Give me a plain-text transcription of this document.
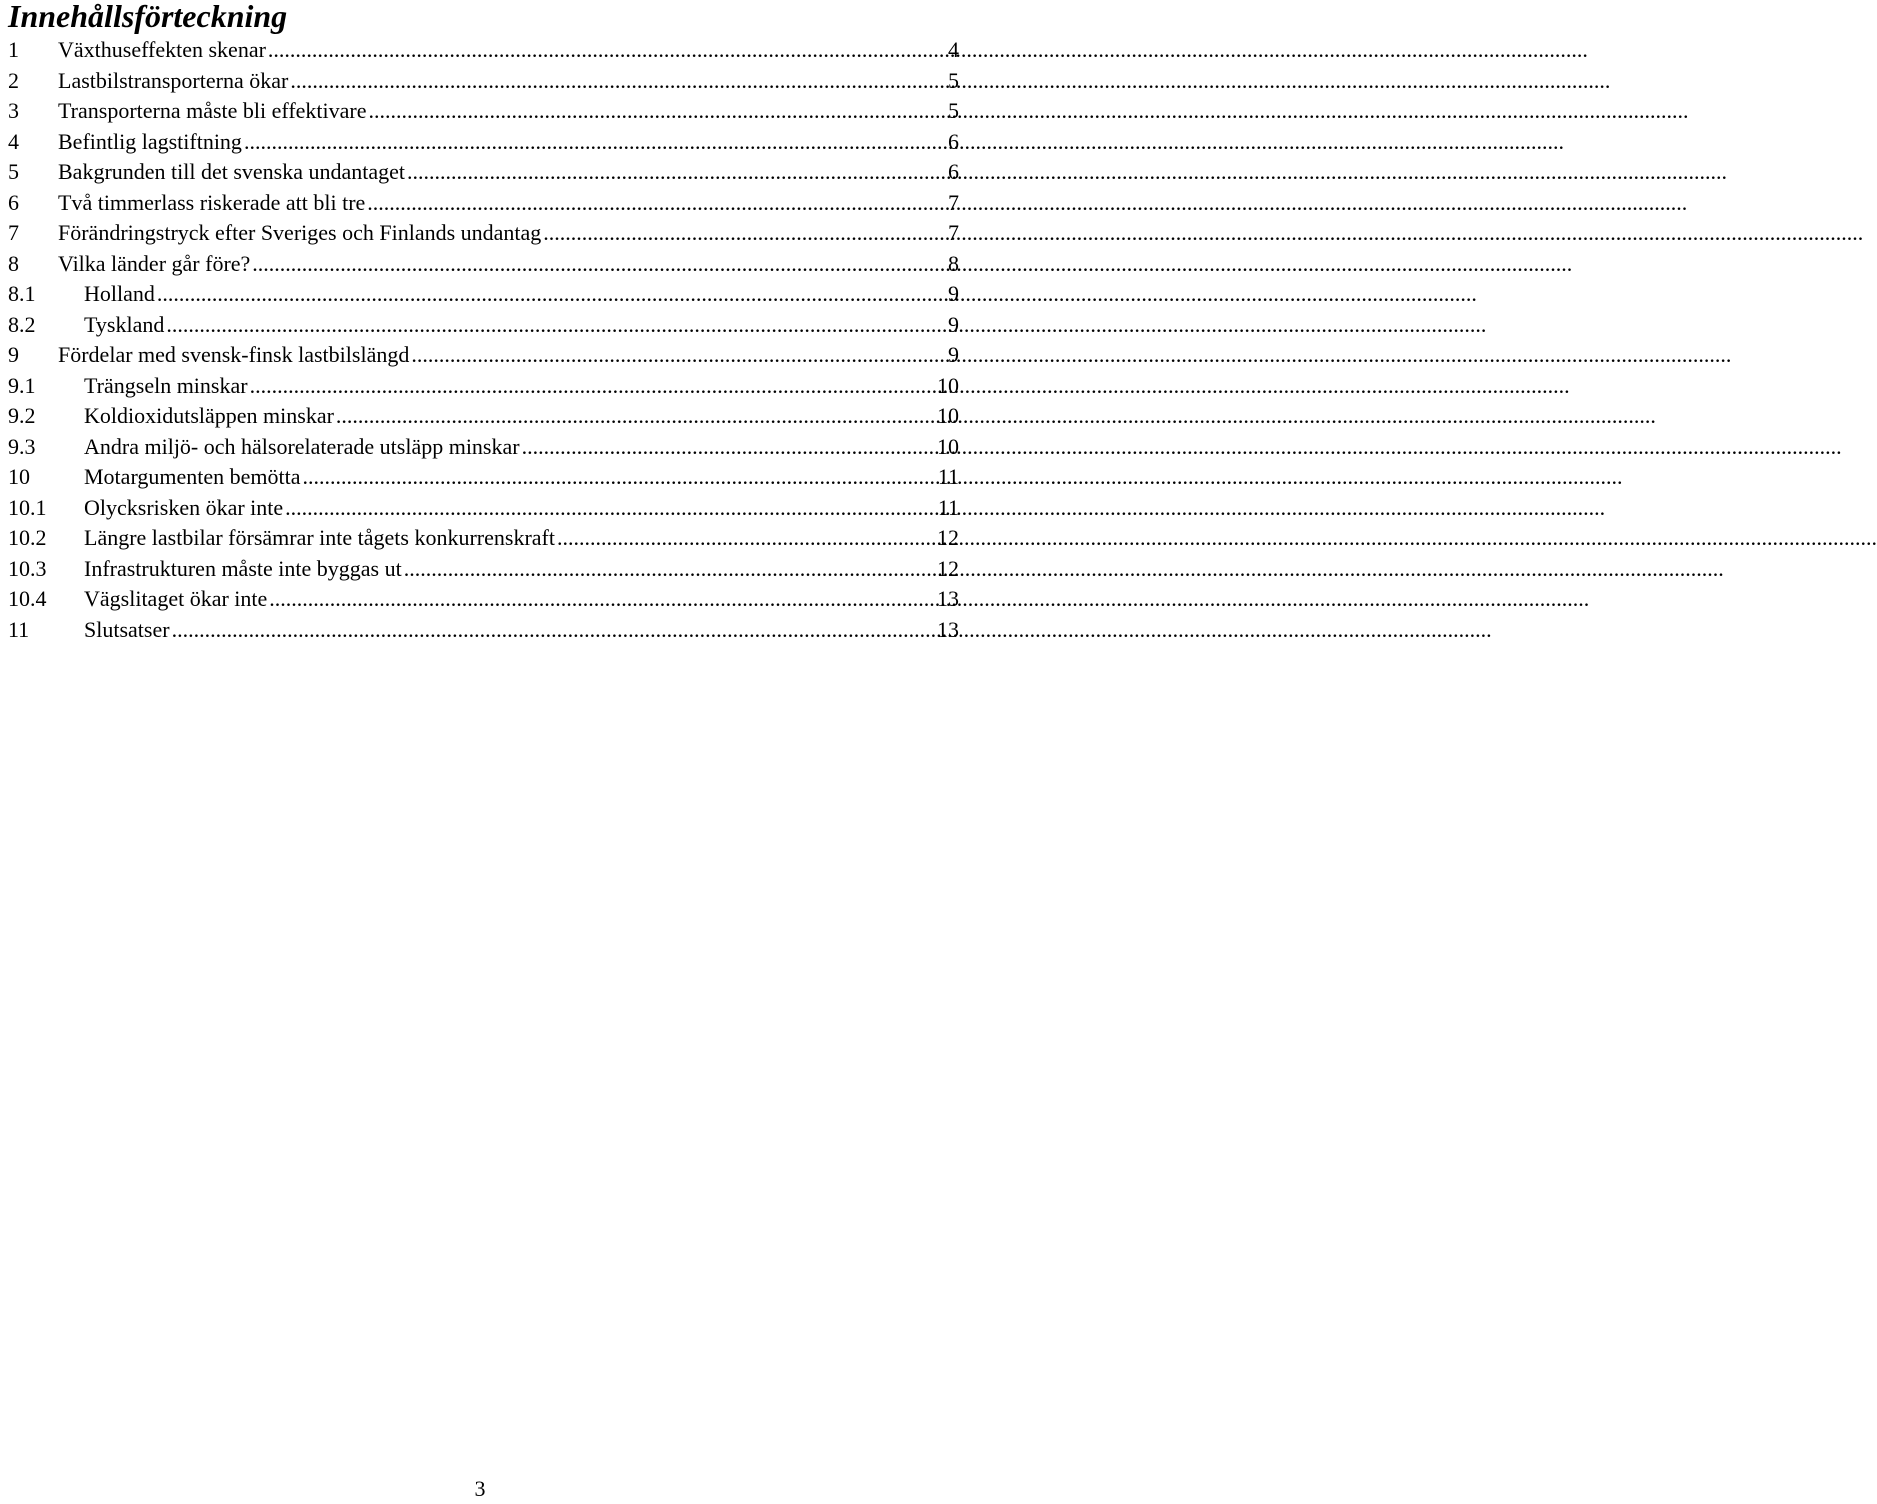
Innehållsförteckning
1	Växthuseffekten skenar .....	4
2	Lastbilstransporterna ökar .....	5
3	Transporterna måste bli effektivare .....	5
4	Befintlig lagstiftning .....	6
5	Bakgrunden till det svenska undantaget .....	6
6	Två timmerlass riskerade att bli tre .....	7
7	Förändringstryck efter Sveriges och Finlands undantag .....	7
8	Vilka länder går före? .....	8
8.1	Holland .....	9
8.2	Tyskland .....	9
9	Fördelar med svensk-finsk lastbilslängd .....	9
9.1	Trängseln minskar .....	10
9.2	Koldioxidutsläppen minskar .....	10
9.3	Andra miljö- och hälsorelaterade utsläpp minskar .....	10
10	Motargumenten bemötta .....	11
10.1	Olycksrisken ökar inte .....	11
10.2	Längre lastbilar försämrar inte tågets konkurrenskraft .....	12
10.3	Infrastrukturen måste inte byggas ut .....	12
10.4	Vägslitaget ökar inte .....	13
11	Slutsatser .....	13
3
